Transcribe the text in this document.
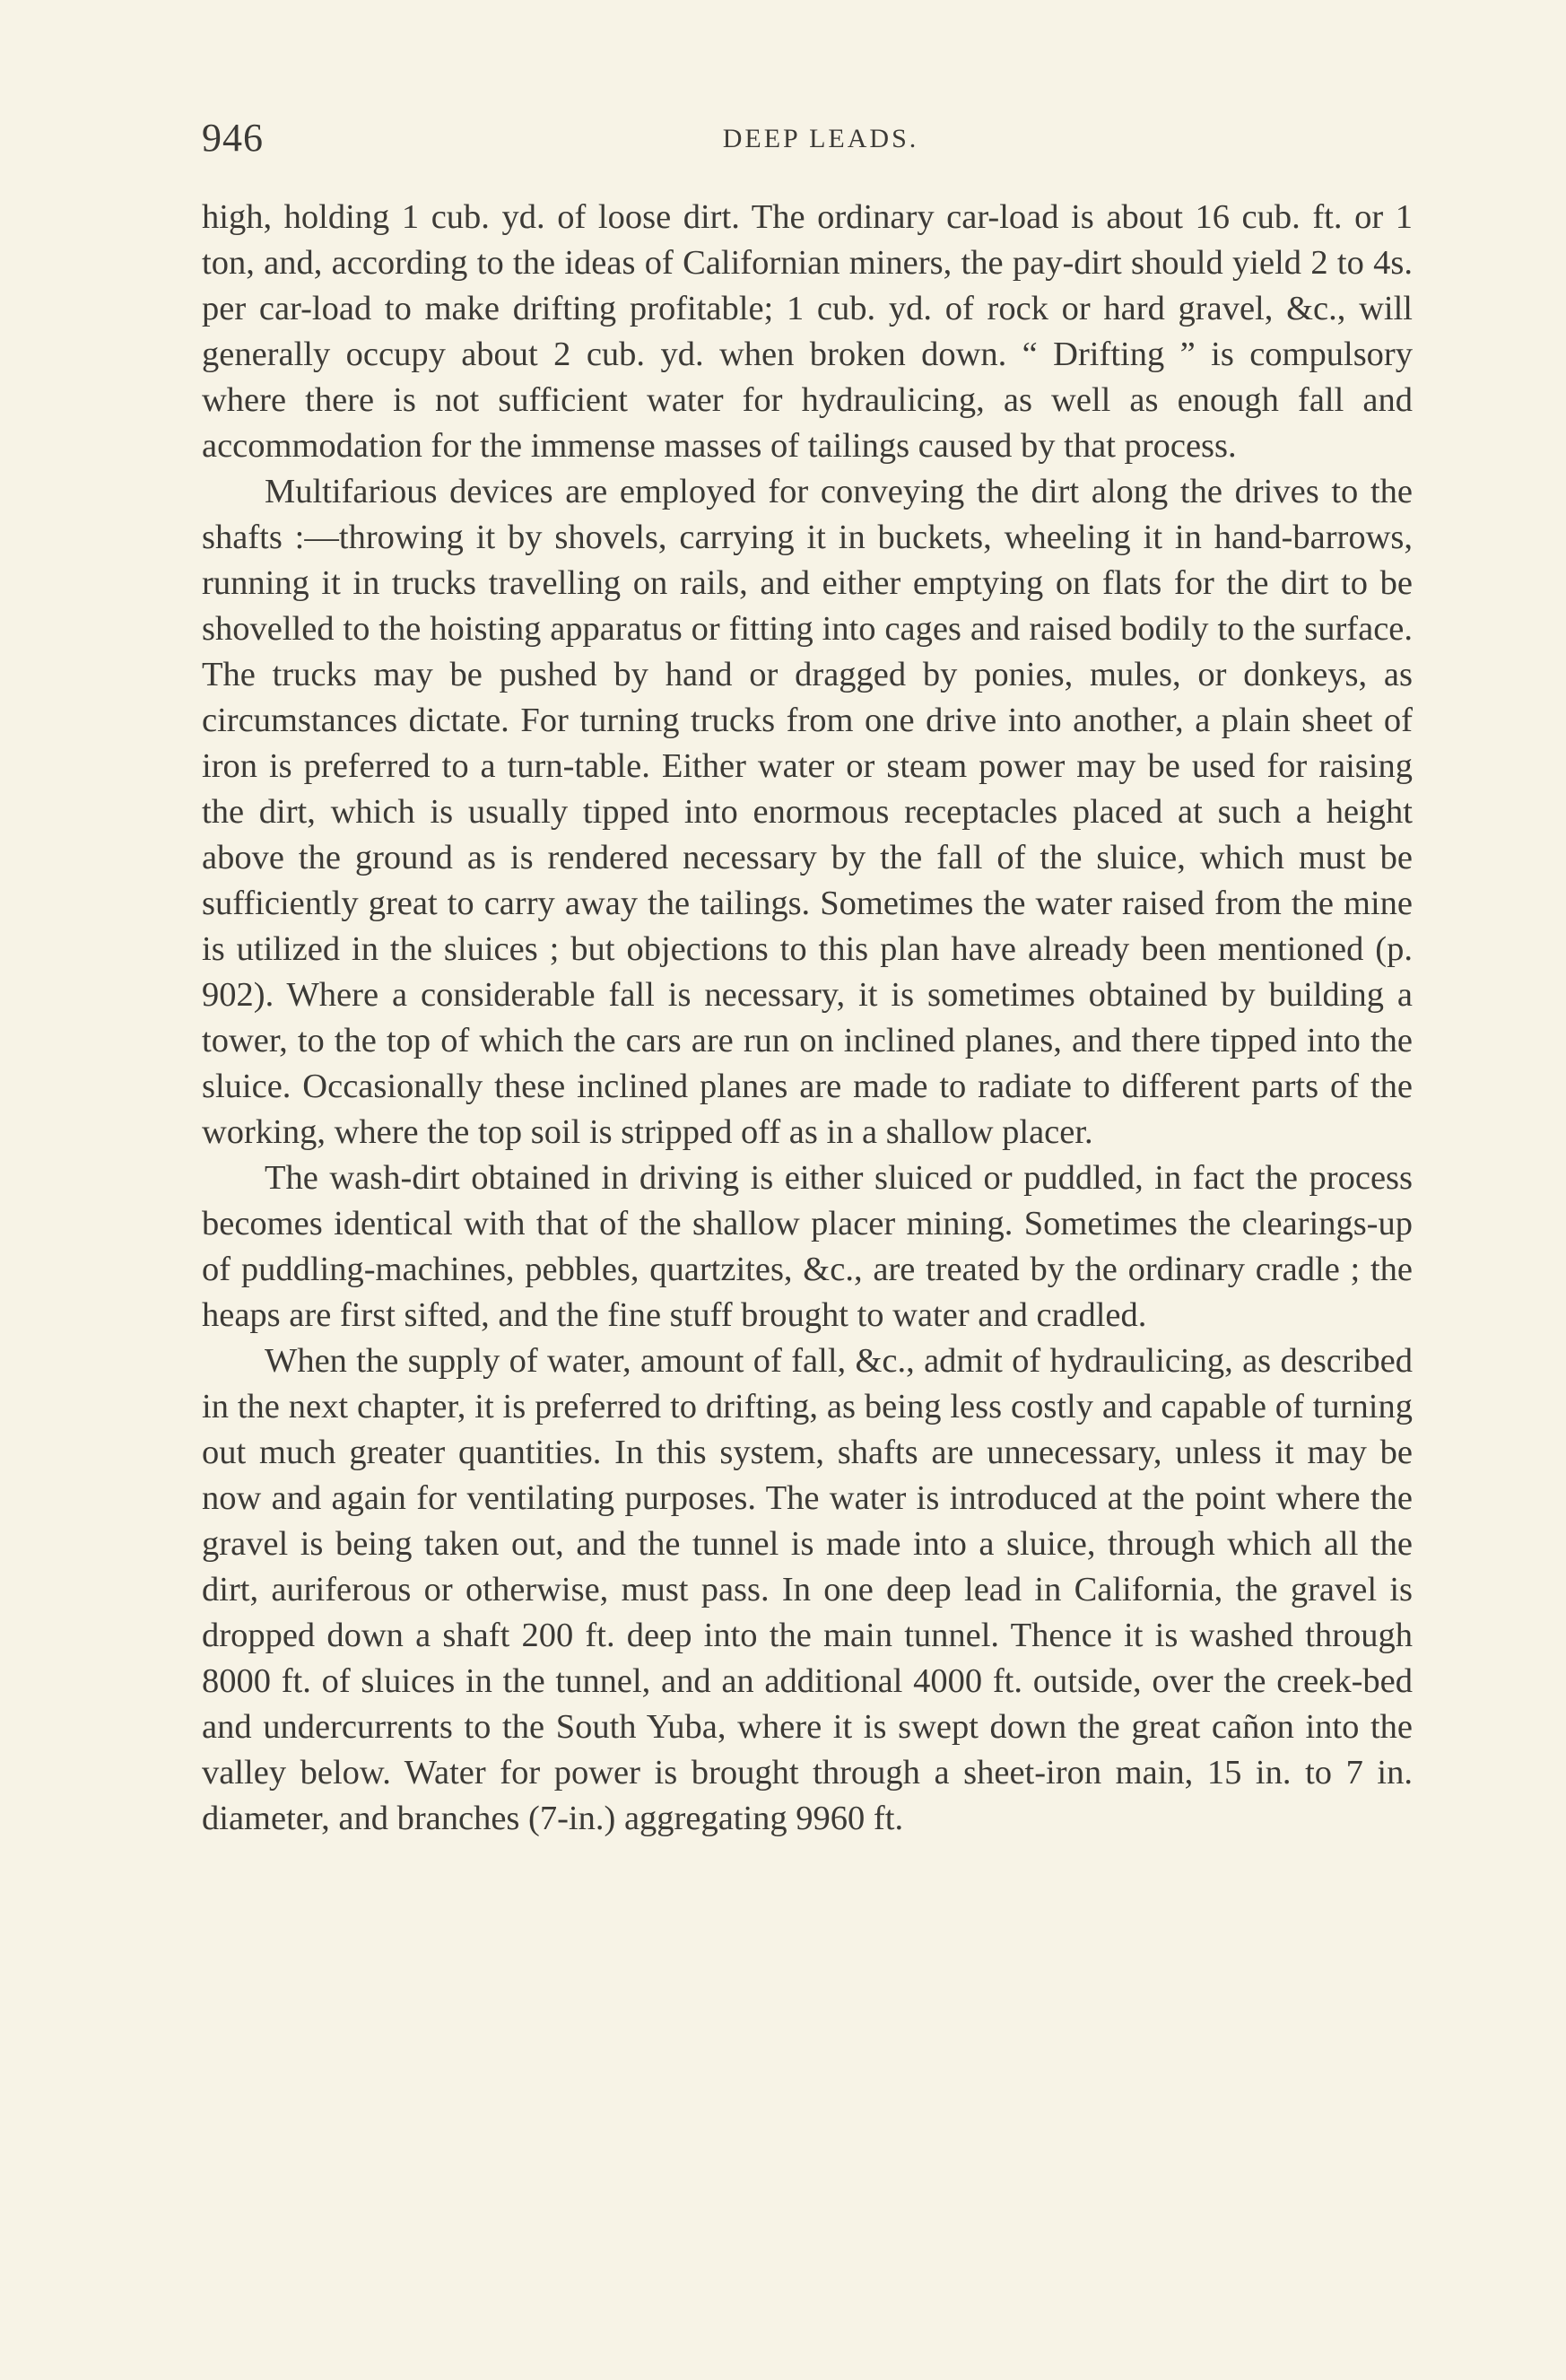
946	DEEP LEADS.

high, holding 1 cub. yd. of loose dirt. The ordinary car-load is about 16 cub. ft. or 1 ton, and, according to the ideas of Californian miners, the pay-dirt should yield 2 to 4s. per car-load to make drifting profitable; 1 cub. yd. of rock or hard gravel, &c., will generally occupy about 2 cub. yd. when broken down. “ Drifting ” is compulsory where there is not sufficient water for hydraulicing, as well as enough fall and accommodation for the immense masses of tailings caused by that process.

Multifarious devices are employed for conveying the dirt along the drives to the shafts :—throwing it by shovels, carrying it in buckets, wheeling it in hand-barrows, running it in trucks travelling on rails, and either emptying on flats for the dirt to be shovelled to the hoisting apparatus or fitting into cages and raised bodily to the surface. The trucks may be pushed by hand or dragged by ponies, mules, or donkeys, as circumstances dictate. For turning trucks from one drive into another, a plain sheet of iron is preferred to a turn-table. Either water or steam power may be used for raising the dirt, which is usually tipped into enormous receptacles placed at such a height above the ground as is rendered necessary by the fall of the sluice, which must be sufficiently great to carry away the tailings. Sometimes the water raised from the mine is utilized in the sluices ; but objections to this plan have already been mentioned (p. 902). Where a considerable fall is necessary, it is sometimes obtained by building a tower, to the top of which the cars are run on inclined planes, and there tipped into the sluice. Occasionally these inclined planes are made to radiate to different parts of the working, where the top soil is stripped off as in a shallow placer.

The wash-dirt obtained in driving is either sluiced or puddled, in fact the process becomes identical with that of the shallow placer mining. Sometimes the clearings-up of puddling-machines, pebbles, quartzites, &c., are treated by the ordinary cradle ; the heaps are first sifted, and the fine stuff brought to water and cradled.

When the supply of water, amount of fall, &c., admit of hydraulicing, as described in the next chapter, it is preferred to drifting, as being less costly and capable of turning out much greater quantities. In this system, shafts are unnecessary, unless it may be now and again for ventilating purposes. The water is introduced at the point where the gravel is being taken out, and the tunnel is made into a sluice, through which all the dirt, auriferous or otherwise, must pass. In one deep lead in California, the gravel is dropped down a shaft 200 ft. deep into the main tunnel. Thence it is washed through 8000 ft. of sluices in the tunnel, and an additional 4000 ft. outside, over the creek-bed and undercurrents to the South Yuba, where it is swept down the great cañon into the valley below. Water for power is brought through a sheet-iron main, 15 in. to 7 in. diameter, and branches (7-in.) aggregating 9960 ft.
